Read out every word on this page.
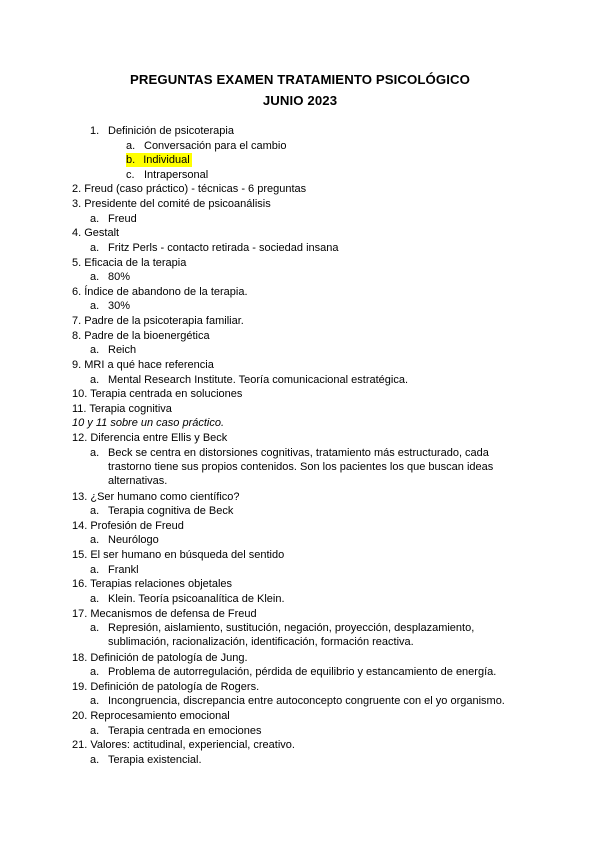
PREGUNTAS EXAMEN TRATAMIENTO PSICOLÓGICO
JUNIO 2023
1. Definición de psicoterapia
a. Conversación para el cambio
b. Individual
c. Intrapersonal
2. Freud (caso práctico) - técnicas - 6 preguntas
3. Presidente del comité de psicoanálisis
a. Freud
4. Gestalt
a. Fritz Perls - contacto retirada - sociedad insana
5. Eficacia de la terapia
a. 80%
6. Índice de abandono de la terapia.
a. 30%
7. Padre de la psicoterapia familiar.
8. Padre de la bioenergética
a. Reich
9. MRI a qué hace referencia
a. Mental Research Institute. Teoría comunicacional estratégica.
10. Terapia centrada en soluciones
11. Terapia cognitiva
10 y 11 sobre un caso práctico.
12. Diferencia entre Ellis y Beck
a. Beck se centra en distorsiones cognitivas, tratamiento más estructurado, cada trastorno tiene sus propios contenidos. Son los pacientes los que buscan ideas alternativas.
13. ¿Ser humano como científico?
a. Terapia cognitiva de Beck
14. Profesión de Freud
a. Neurólogo
15. El ser humano en búsqueda del sentido
a. Frankl
16. Terapias relaciones objetales
a. Klein. Teoría psicoanalítica de Klein.
17. Mecanismos de defensa de Freud
a. Represión, aislamiento, sustitución, negación, proyección, desplazamiento, sublimación, racionalización, identificación, formación reactiva.
18. Definición de patología de Jung.
a. Problema de autorregulación, pérdida de equilibrio y estancamiento de energía.
19. Definición de patología de Rogers.
a. Incongruencia, discrepancia entre autoconcepto congruente con el yo organismo.
20. Reprocesamiento emocional
a. Terapia centrada en emociones
21. Valores: actitudinal, experiencial, creativo.
a. Terapia existencial.
